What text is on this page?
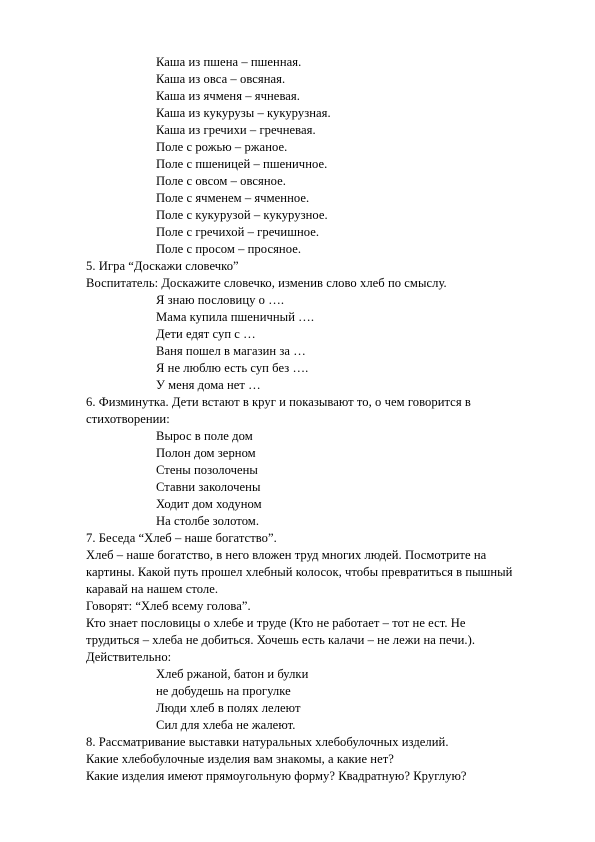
Каша из пшена – пшенная.
Каша из овса – овсяная.
Каша из ячменя – ячневая.
Каша из кукурузы – кукурузная.
Каша из гречихи – гречневая.
Поле с рожью – ржаное.
Поле с пшеницей – пшеничное.
Поле с овсом – овсяное.
Поле с ячменем – ячменное.
Поле с кукурузой – кукурузное.
Поле с гречихой – гречишное.
Поле с просом – просяное.
5. Игра “Доскажи словечко”
Воспитатель: Доскажите словечко, изменив слово хлеб по смыслу.
Я знаю пословицу о ….
Мама купила пшеничный ….
Дети едят суп с …
Ваня пошел в магазин за …
Я не люблю есть суп без ….
У меня дома нет …
6. Физминутка. Дети встают в круг и показывают то, о чем говорится в
стихотворении:
Вырос в поле дом
Полон дом зерном
Стены позолочены
Ставни заколочены
Ходит дом ходуном
На столбе золотом.
7. Беседа “Хлеб – наше богатство”.
Хлеб – наше богатство, в него вложен труд многих людей. Посмотрите на
картины. Какой путь прошел хлебный колосок, чтобы превратиться в пышный
каравай на нашем столе.
Говорят: “Хлеб всему голова”.
Кто знает пословицы о хлебе и труде (Кто не работает – тот не ест. Не
трудиться – хлеба не добиться. Хочешь есть калачи – не лежи на печи.).
Действительно:
Хлеб ржаной, батон и булки
не добудешь на прогулке
Люди хлеб в полях лелеют
Сил для хлеба не жалеют.
8. Рассматривание выставки натуральных хлебобулочных изделий.
Какие хлебобулочные изделия вам знакомы, а какие нет?
Какие изделия имеют прямоугольную форму? Квадратную? Круглую?
